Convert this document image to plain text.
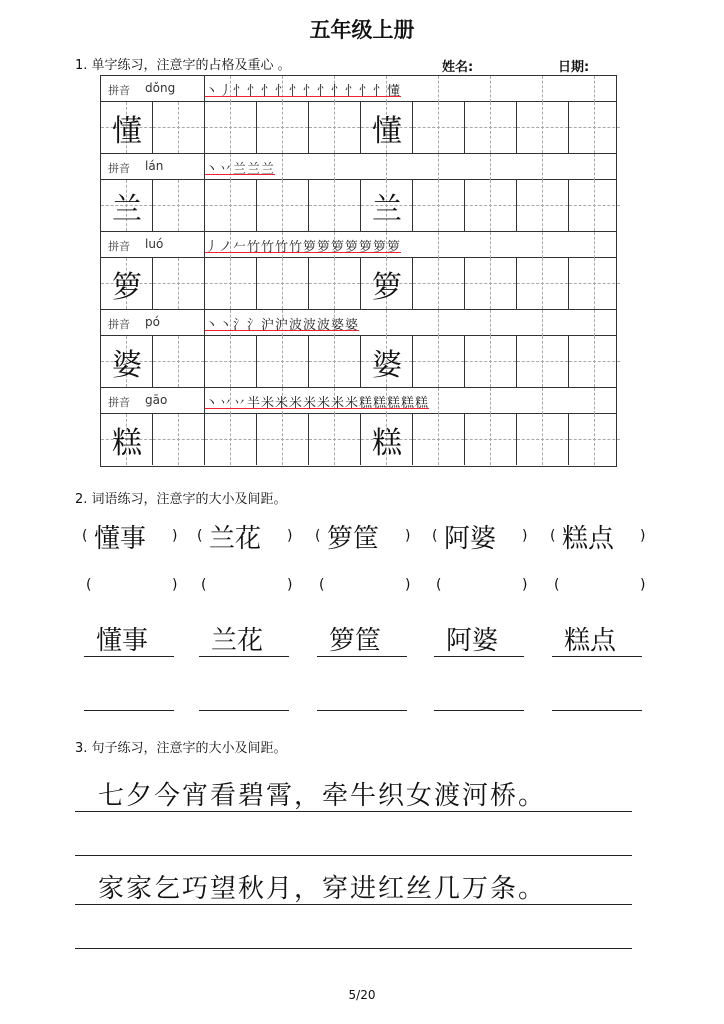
五年级上册
1. 单字练习，注意字的占格及重心 。	姓名:	日期:
拼音 dǒng 丶丿忄忄忄忄忄忄忄忄忄忄忄懂
懂	懂
拼音 lán	丶丷兰兰兰
兰	兰
拼音 luó	丿ノ𠂉竹竹竹竹箩箩箩箩箩箩箩
箩	箩
拼音 pó	丶丶氵氵沪沪波波波婆婆
婆	婆
拼音 gāo	丶丷丷半米米米米米米米糕糕糕糕糕
糕	糕
2. 词语练习，注意字的大小及间距。
( 懂事 )
(	)
懂事
( 兰花 )
(	)
兰花
( 箩筐 )
(	)
箩筐
( 阿婆 )
(	)
阿婆
( 糕点 )
(	)
糕点
3. 句子练习，注意字的大小及间距。
七夕今宵看碧霄，牵牛织女渡河桥。
家家乞巧望秋月，穿进红丝几万条。
5/20
